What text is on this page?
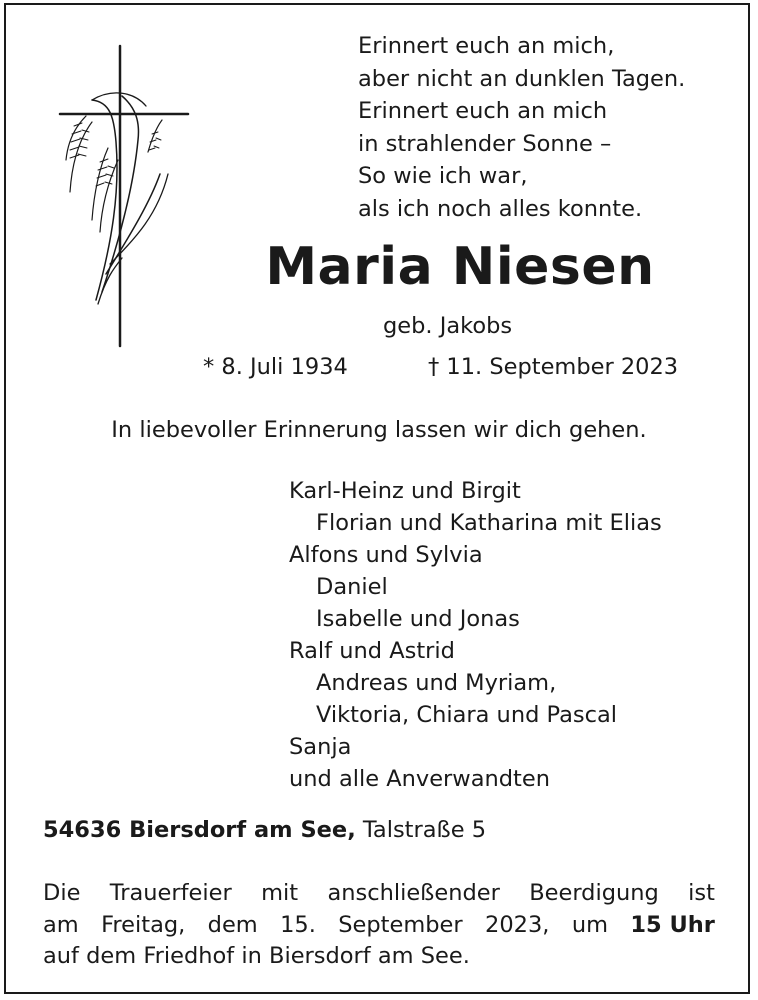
Erinnert euch an mich,
aber nicht an dunklen Tagen.
Erinnert euch an mich
in strahlender Sonne –
So wie ich war,
als ich noch alles konnte.
Maria Niesen
geb. Jakobs
* 8. Juli 1934	† 11. September 2023
In liebevoller Erinnerung lassen wir dich gehen.
Karl-Heinz und Birgit
Florian und Katharina mit Elias
Alfons und Sylvia
Daniel
Isabelle und Jonas
Ralf und Astrid
Andreas und Myriam,
Viktoria, Chiara und Pascal
Sanja
und alle Anverwandten
54636 Biersdorf am See, Talstraße 5
Die Trauerfeier mit anschließender Beerdigung ist
am Freitag, dem 15. September 2023, um 15 Uhr
auf dem Friedhof in Biersdorf am See.
